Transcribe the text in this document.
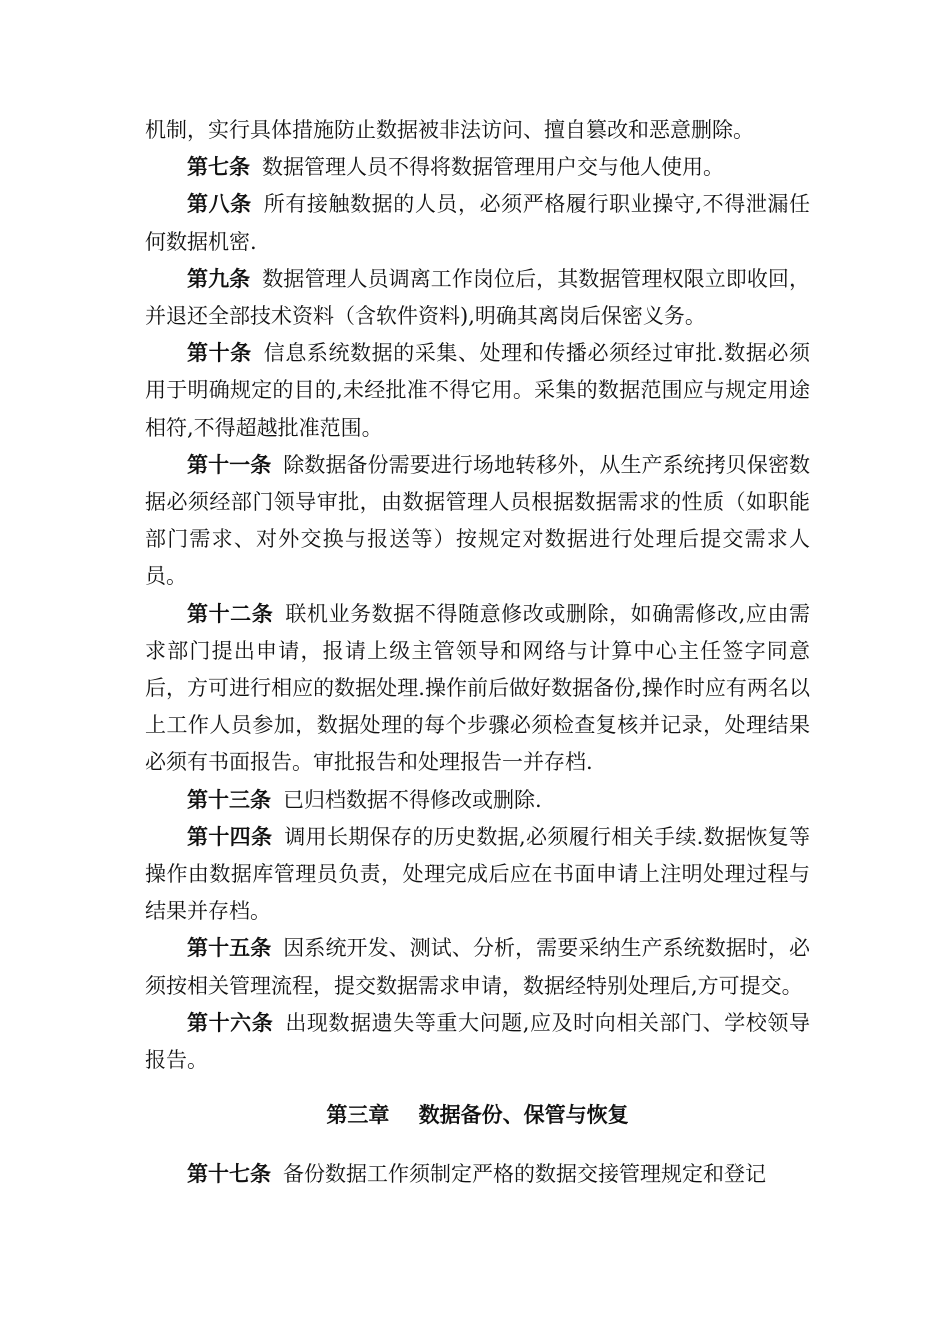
机制，实行具体措施防止数据被非法访问、擅自篡改和恶意删除。

第七条 数据管理人员不得将数据管理用户交与他人使用。

第八条 所有接触数据的人员，必须严格履行职业操守,不得泄漏任何数据机密.

第九条 数据管理人员调离工作岗位后，其数据管理权限立即收回，并退还全部技术资料（含软件资料),明确其离岗后保密义务。

第十条 信息系统数据的采集、处理和传播必须经过审批.数据必须用于明确规定的目的,未经批准不得它用。采集的数据范围应与规定用途相符,不得超越批准范围。

第十一条 除数据备份需要进行场地转移外，从生产系统拷贝保密数据必须经部门领导审批，由数据管理人员根据数据需求的性质（如职能部门需求、对外交换与报送等）按规定对数据进行处理后提交需求人员。

第十二条 联机业务数据不得随意修改或删除，如确需修改,应由需求部门提出申请，报请上级主管领导和网络与计算中心主任签字同意后，方可进行相应的数据处理.操作前后做好数据备份,操作时应有两名以上工作人员参加，数据处理的每个步骤必须检查复核并记录，处理结果必须有书面报告。审批报告和处理报告一并存档.

第十三条 已归档数据不得修改或删除.

第十四条 调用长期保存的历史数据,必须履行相关手续.数据恢复等操作由数据库管理员负责，处理完成后应在书面申请上注明处理过程与结果并存档。

第十五条 因系统开发、测试、分析，需要采纳生产系统数据时，必须按相关管理流程，提交数据需求申请，数据经特别处理后,方可提交。

第十六条 出现数据遗失等重大问题,应及时向相关部门、学校领导报告。

第三章    数据备份、保管与恢复

第十七条 备份数据工作须制定严格的数据交接管理规定和登记
